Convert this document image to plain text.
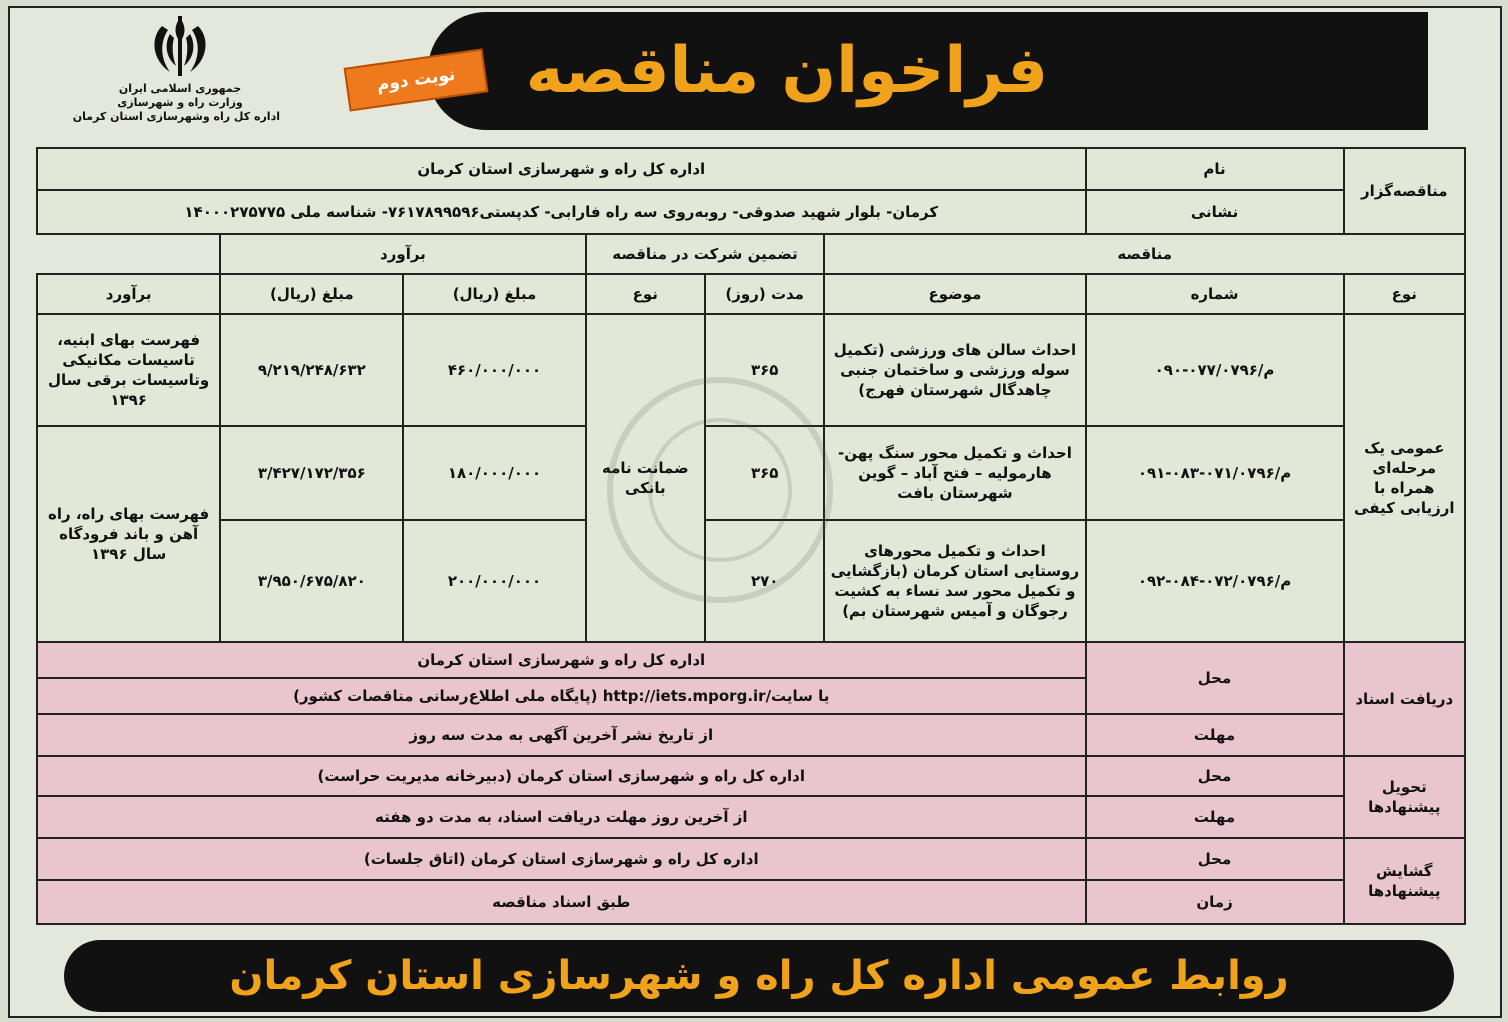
جمهوری اسلامی ایران
وزارت راه و شهرسازی
اداره کل راه وشهرسازی استان کرمان
فراخوان مناقصه
نوبت دوم
مناقصه‌گزار	نام	اداره کل راه و شهرسازی استان کرمان					
	نشانی	کرمان- بلوار شهید صدوقی- روبه‌روی سه راه فارابی- کدپستی۷۶۱۷۸۹۹۵۹۶- شناسه ملی ۱۴۰۰۰۲۷۵۷۷۵					
مناقصه			تضمین شرکت در مناقصه		برآورد	
نوع	شماره	موضوع	مدت (روز)	نوع	مبلغ (ریال)	مبلغ (ریال)	برآورد
عمومی یک مرحله‌ای همراه با ارزیابی کیفی	۰۹۰-۰۷۷/۰۷م/۹۶	احداث سالن های ورزشی (تکمیل سوله ورزشی و ساختمان جنبی چاهدگال شهرستان فهرج)	۳۶۵	ضمانت نامه بانکی	۴۶۰/۰۰۰/۰۰۰	۹/۲۱۹/۲۴۸/۶۳۲	فهرست بهای ابنیه، تاسیسات مکانیکی وتاسیسات برقی سال ۱۳۹۶
	۰۹۱-۰۸۳-۰۷۱/۰۷م/۹۶	احداث و تکمیل محور سنگ پهن- هارمولیه – فتح آباد – گوین شهرستان بافت	۳۶۵		۱۸۰/۰۰۰/۰۰۰	۳/۴۲۷/۱۷۲/۳۵۶	فهرست بهای راه، راه آهن و باند فرودگاه سال ۱۳۹۶
	۰۹۲-۰۸۴-۰۷۲/۰۷م/۹۶	احداث و تکمیل محورهای روستایی استان کرمان (بازگشایی و تکمیل محور سد نساء به کشیت رجوگان و آمیس شهرستان بم)	۲۷۰		۲۰۰/۰۰۰/۰۰۰	۳/۹۵۰/۶۷۵/۸۲۰	
دریافت اسناد	محل	اداره کل راه و شهرسازی استان کرمان					
		یا سایت/http://iets.mporg.ir (پایگاه ملی اطلاع‌رسانی مناقصات کشور)					
	مهلت	از تاریخ نشر آخرین آگهی به مدت سه روز					
تحویل پیشنهادها	محل	اداره کل راه و شهرسازی استان کرمان (دبیرخانه مدیریت حراست)					
	مهلت	از آخرین روز مهلت دریافت اسناد، به مدت دو هفته					
گشایش پیشنهادها	محل	اداره کل راه و شهرسازی استان کرمان (اتاق جلسات)					
	زمان	طبق اسناد مناقصه					
روابط عمومی اداره کل راه و شهرسازی استان کرمان
